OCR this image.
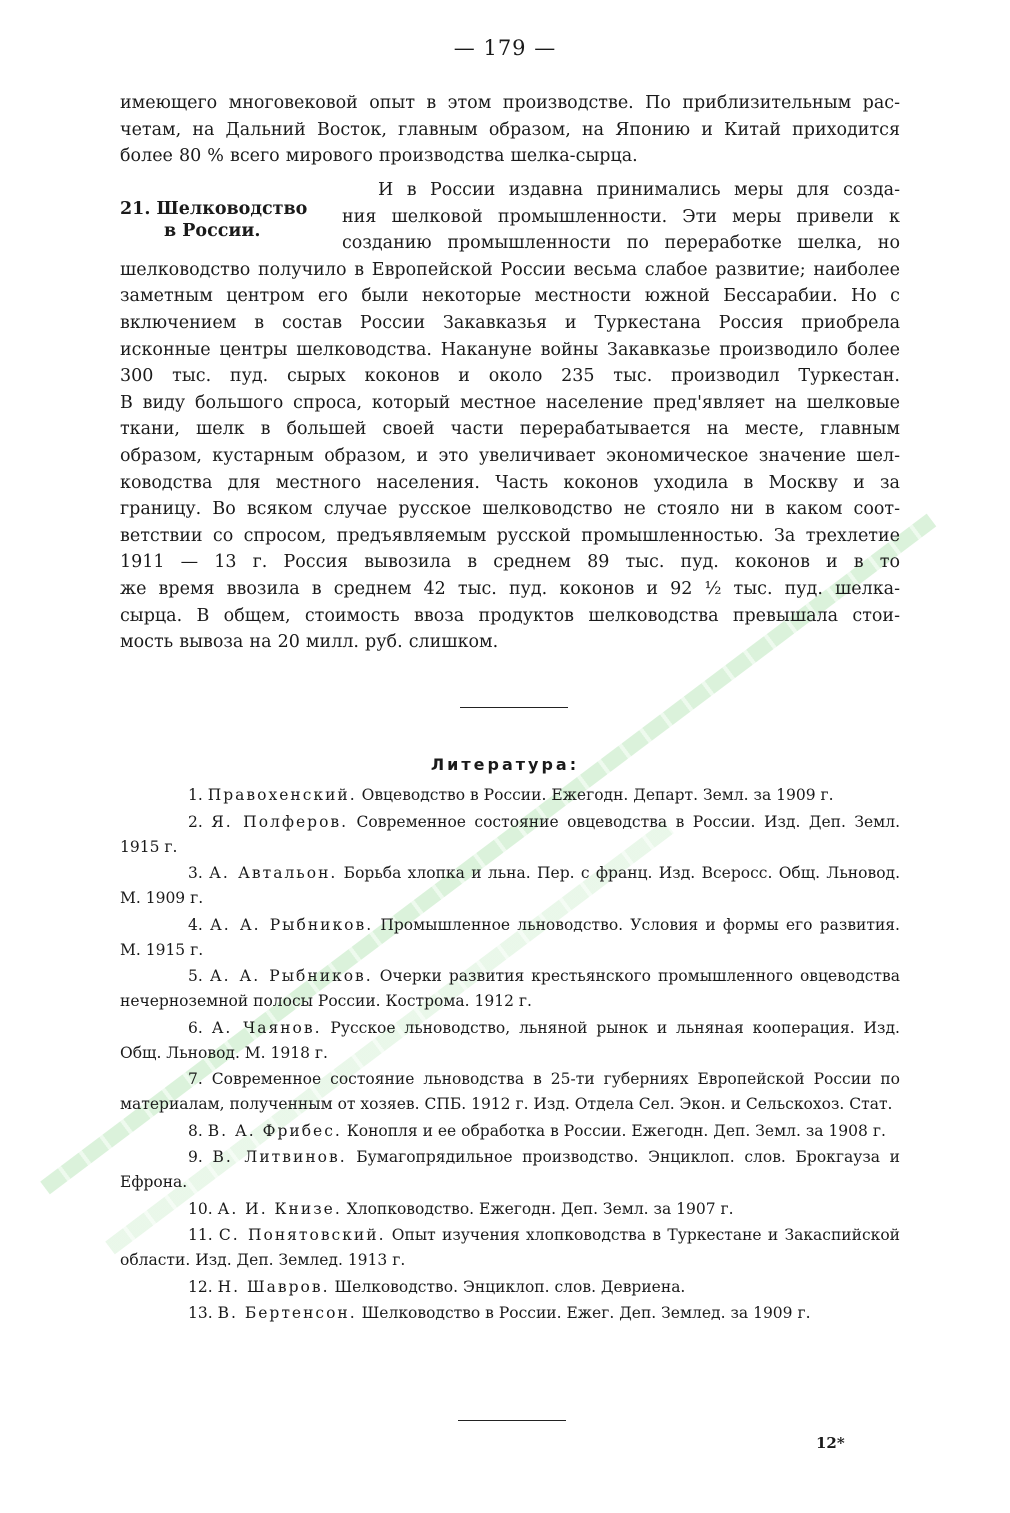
— 179 —
имеющего многовековой опыт в этом производстве. По приблизительным рас-
четам, на Дальний Восток, главным образом, на Японию и Китай приходится
более 80 % всего мирового производства шелка-сырца.
21. Шелководство
в России.
И в России издавна принимались меры для созда-
ния шелковой промышленности. Эти меры привели к
созданию промышленности по переработке шелка, но
шелководство получило в Европейской России весьма слабое развитие; наиболее
заметным центром его были некоторые местности южной Бессарабии. Но с
включением в состав России Закавказья и Туркестана Россия приобрела
исконные центры шелководства. Накануне войны Закавказье производило более
300 тыс. пуд. сырых коконов и около 235 тыс. производил Туркестан.
В виду большого спроса, который местное население пред'являет на шелковые
ткани, шелк в большей своей части перерабатывается на месте, главным
образом, кустарным образом, и это увеличивает экономическое значение шел-
ководства для местного населения. Часть коконов уходила в Москву и за
границу. Во всяком случае русское шелководство не стояло ни в каком соот-
ветствии со спросом, предъявляемым русской промышленностью. За трехлетие
1911 — 13 г. Россия вывозила в среднем 89 тыс. пуд. коконов и в то
же время ввозила в среднем 42 тыс. пуд. коконов и 92 ½ тыс. пуд. шелка-
сырца. В общем, стоимость ввоза продуктов шелководства превышала стои-
мость вывоза на 20 милл. руб. слишком.
Литература:
1. Правохенский. Овцеводство в России. Ежегодн. Департ. Земл. за 1909 г.
2. Я. Полферов. Современное состояние овцеводства в России. Изд. Деп. Земл. 1915 г.
3. А. Автальон. Борьба хлопка и льна. Пер. с франц. Изд. Всеросс. Общ. Льновод. М. 1909 г.
4. А. А. Рыбников. Промышленное льноводство. Условия и формы его развития. М. 1915 г.
5. А. А. Рыбников. Очерки развития крестьянского промышленного овцеводства нечерноземной полосы России. Кострома. 1912 г.
6. А. Чаянов. Русское льноводство, льняной рынок и льняная кооперация. Изд. Общ. Льновод. М. 1918 г.
7. Современное состояние льноводства в 25-ти губерниях Европейской России по материалам, полученным от хозяев. СПБ. 1912 г. Изд. Отдела Сел. Экон. и Сельскохоз. Стат.
8. В. А. Фрибес. Конопля и ее обработка в России. Ежегодн. Деп. Земл. за 1908 г.
9. В. Литвинов. Бумагопрядильное производство. Энциклоп. слов. Брокгауза и Ефрона.
10. А. И. Книзе. Хлопководство. Ежегодн. Деп. Земл. за 1907 г.
11. С. Понятовский. Опыт изучения хлопководства в Туркестане и Закаспийской области. Изд. Деп. Землед. 1913 г.
12. Н. Шавров. Шелководство. Энциклоп. слов. Девриена.
13. В. Бертенсон. Шелководство в России. Ежег. Деп. Землед. за 1909 г.
12*
